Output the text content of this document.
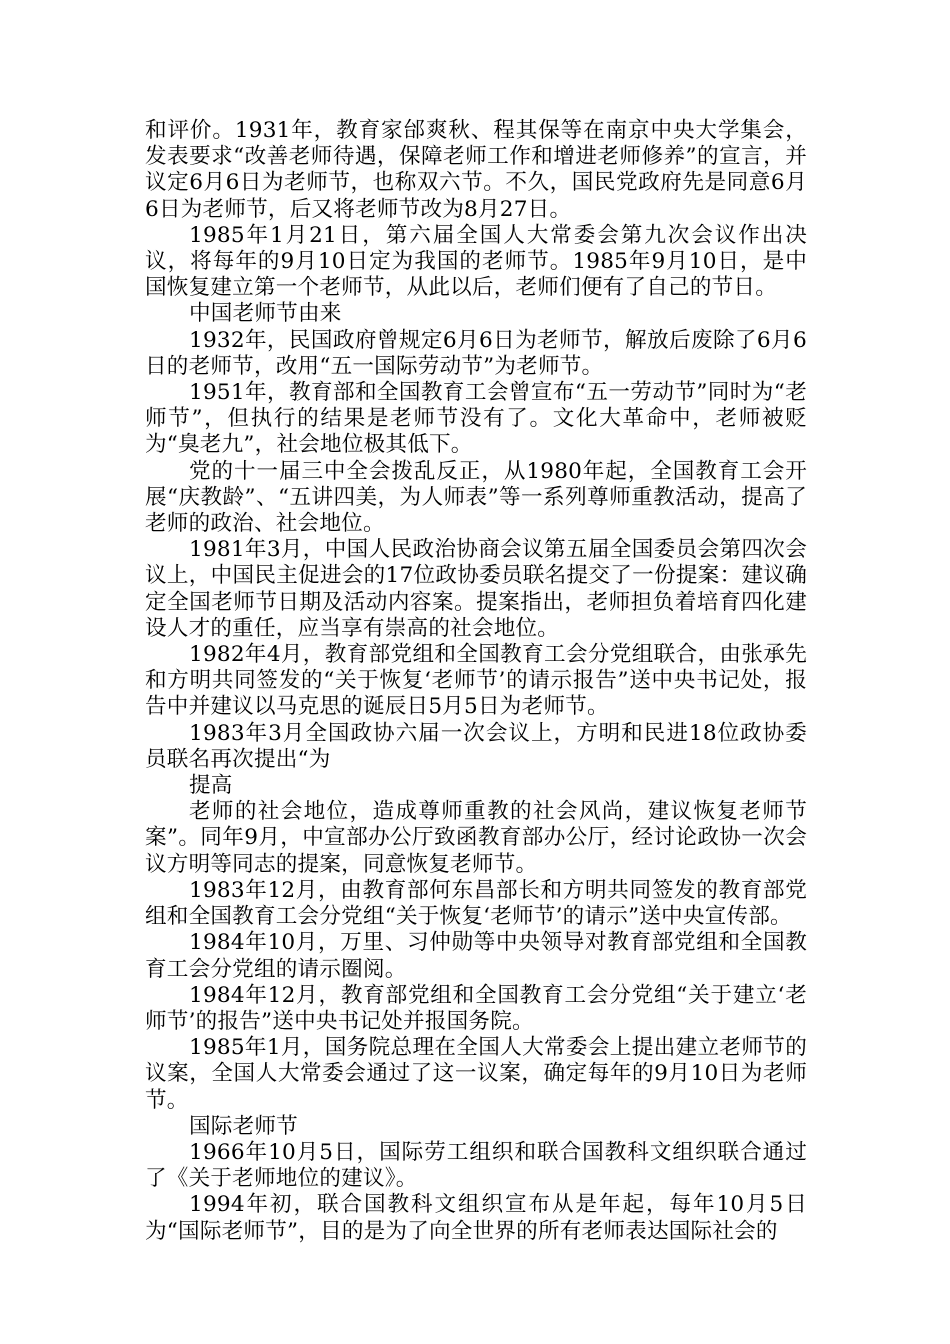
和评价。1931年，教育家邰爽秋、程其保等在南京中央大学集会，发表要求“改善老师待遇，保障老师工作和增进老师修养”的宣言，并议定6月6日为老师节，也称双六节。不久，国民党政府先是同意6月6日为老师节，后又将老师节改为8月27日。

1985年1月21日，第六届全国人大常委会第九次会议作出决议，将每年的9月10日定为我国的老师节。1985年9月10日，是中国恢复建立第一个老师节，从此以后，老师们便有了自己的节日。

中国老师节由来

1932年，民国政府曾规定6月6日为老师节，解放后废除了6月6日的老师节，改用“五一国际劳动节”为老师节。

1951年，教育部和全国教育工会曾宣布“五一劳动节”同时为“老师节”，但执行的结果是老师节没有了。文化大革命中，老师被贬为“臭老九”，社会地位极其低下。

党的十一届三中全会拨乱反正，从1980年起，全国教育工会开展“庆教龄”、“五讲四美，为人师表”等一系列尊师重教活动，提高了老师的政治、社会地位。

1981年3月，中国人民政治协商会议第五届全国委员会第四次会议上，中国民主促进会的17位政协委员联名提交了一份提案：建议确定全国老师节日期及活动内容案。提案指出，老师担负着培育四化建设人才的重任，应当享有崇高的社会地位。

1982年4月，教育部党组和全国教育工会分党组联合，由张承先和方明共同签发的“关于恢复‘老师节’的请示报告”送中央书记处，报告中并建议以马克思的诞辰日5月5日为老师节。

1983年3月全国政协六届一次会议上，方明和民进18位政协委员联名再次提出“为

提高

老师的社会地位，造成尊师重教的社会风尚，建议恢复老师节案”。同年9月，中宣部办公厅致函教育部办公厅，经讨论政协一次会议方明等同志的提案，同意恢复老师节。

1983年12月，由教育部何东昌部长和方明共同签发的教育部党组和全国教育工会分党组“关于恢复‘老师节’的请示”送中央宣传部。

1984年10月，万里、习仲勋等中央领导对教育部党组和全国教育工会分党组的请示圈阅。

1984年12月，教育部党组和全国教育工会分党组“关于建立‘老师节’的报告”送中央书记处并报国务院。

1985年1月，国务院总理在全国人大常委会上提出建立老师节的议案，全国人大常委会通过了这一议案，确定每年的9月10日为老师节。

国际老师节

1966年10月5日，国际劳工组织和联合国教科文组织联合通过了《关于老师地位的建议》。

1994年初，联合国教科文组织宣布从是年起，每年10月5日为“国际老师节”，目的是为了向全世界的所有老师表达国际社会的
